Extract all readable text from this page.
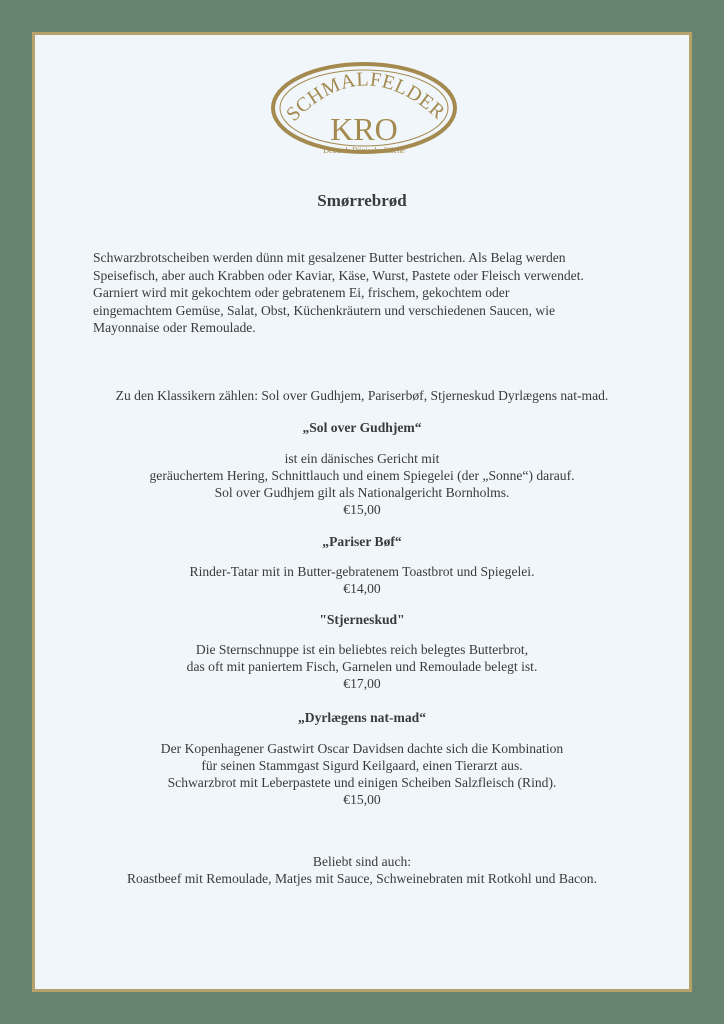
SCHMALFELDER
KRO
Deutsch-Dänische Küche
Smørrebrød

Schwarzbrotscheiben werden dünn mit gesalzener Butter bestrichen. Als Belag werden

Speisefisch, aber auch Krabben oder Kaviar, Käse, Wurst, Pastete oder Fleisch verwendet.

Garniert wird mit gekochtem oder gebratenem Ei, frischem, gekochtem oder

eingemachtem Gemüse, Salat, Obst, Küchenkräutern und verschiedenen Saucen, wie

Mayonnaise oder Remoulade.

Zu den Klassikern zählen: Sol over Gudhjem, Pariserbøf, Stjerneskud Dyrlægens nat-mad.
„Sol over Gudhjem“
ist ein dänisches Gericht mit
geräuchertem Hering, Schnittlauch und einem Spiegelei (der „Sonne“) darauf.
Sol over Gudhjem gilt als Nationalgericht Bornholms.
€15,00
„Pariser Bøf“
Rinder-Tatar mit in Butter-gebratenem Toastbrot und Spiegelei.
€14,00
"Stjerneskud"
Die Sternschnuppe ist ein beliebtes reich belegtes Butterbrot,
das oft mit paniertem Fisch, Garnelen und Remoulade belegt ist.
€17,00
„Dyrlægens nat-mad“
Der Kopenhagener Gastwirt Oscar Davidsen dachte sich die Kombination
für seinen Stammgast Sigurd Keilgaard, einen Tierarzt aus.
Schwarzbrot mit Leberpastete und einigen Scheiben Salzfleisch (Rind).
€15,00
Beliebt sind auch:
Roastbeef mit Remoulade, Matjes mit Sauce, Schweinebraten mit Rotkohl und Bacon.
